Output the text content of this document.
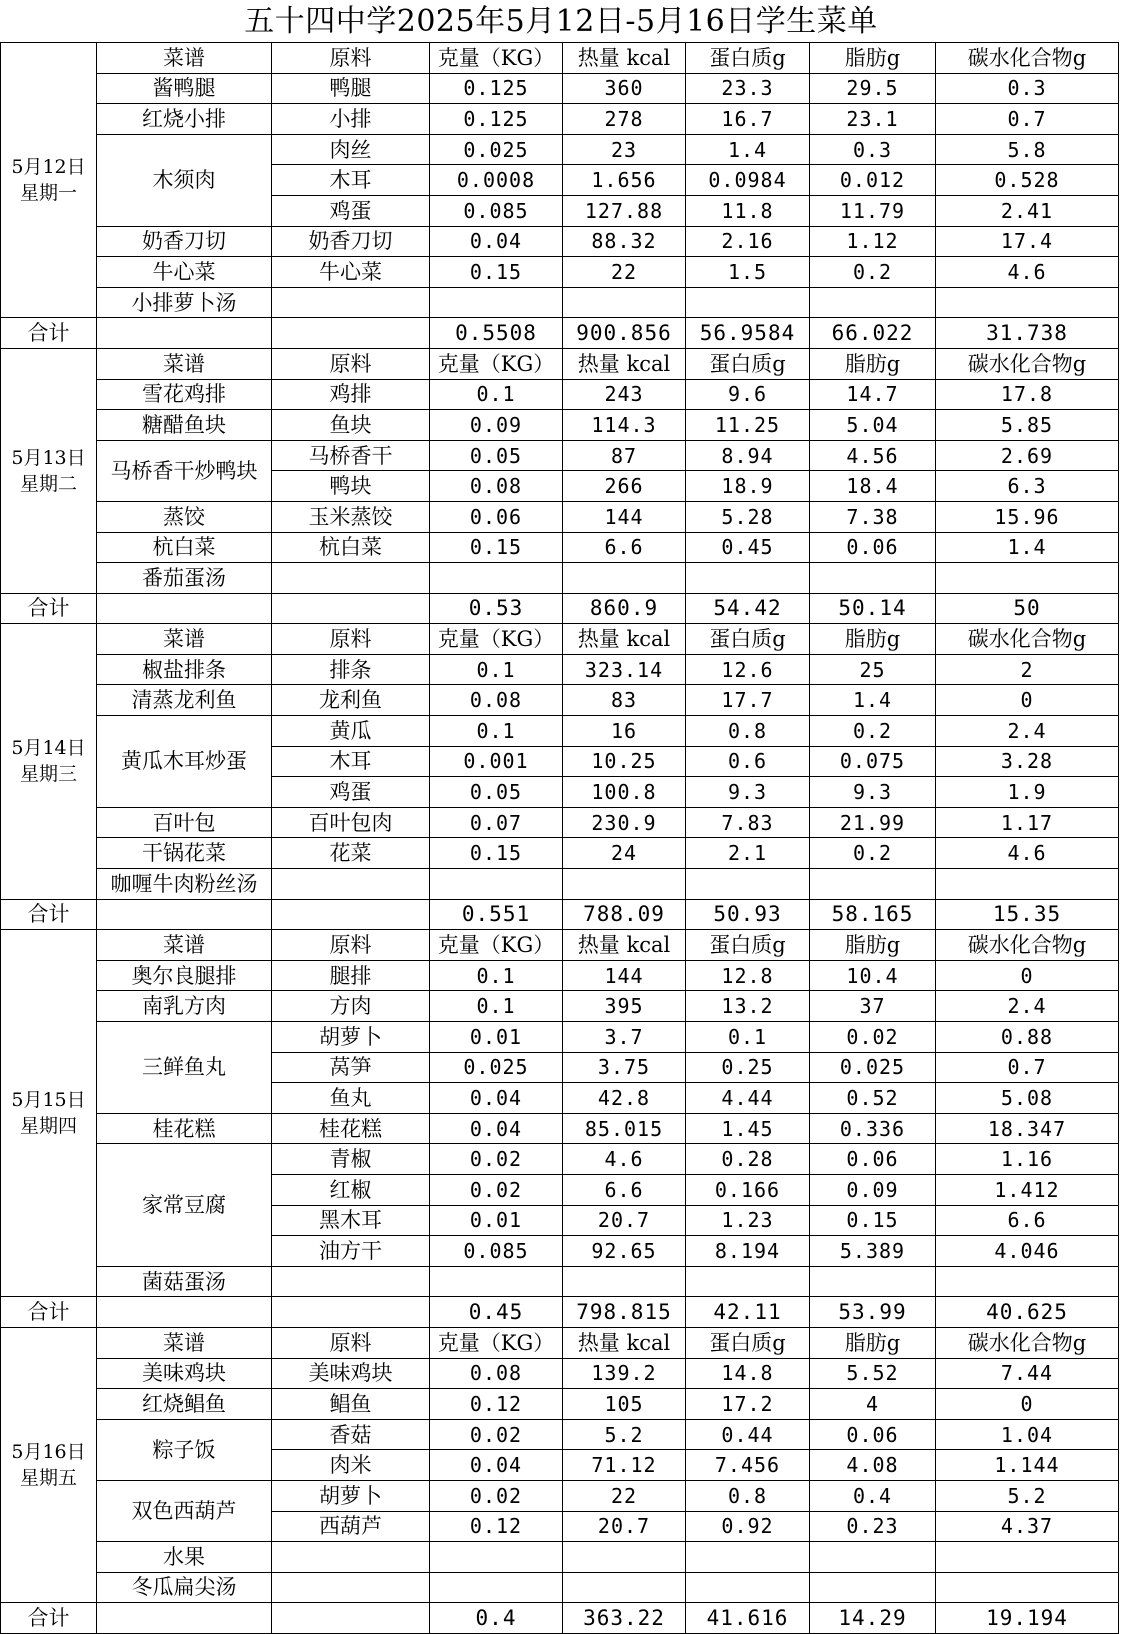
五十四中学2025年5月12日-5月16日学生菜单
5月12日
星期一	菜谱	原料	克量（KG）	热量 kcal	蛋白质g	脂肪g	碳水化合物g
	酱鸭腿	鸭腿	0.125	360	23.3	29.5	0.3
	红烧小排	小排	0.125	278	16.7	23.1	0.7
	木须肉	肉丝	0.025	23	1.4	0.3	5.8
		木耳	0.0008	1.656	0.0984	0.012	0.528
		鸡蛋	0.085	127.88	11.8	11.79	2.41
	奶香刀切	奶香刀切	0.04	88.32	2.16	1.12	17.4
	牛心菜	牛心菜	0.15	22	1.5	0.2	4.6
	小排萝卜汤						
合计			0.5508	900.856	56.9584	66.022	31.738

5月13日
星期二	菜谱	原料	克量（KG）	热量 kcal	蛋白质g	脂肪g	碳水化合物g
	雪花鸡排	鸡排	0.1	243	9.6	14.7	17.8
	糖醋鱼块	鱼块	0.09	114.3	11.25	5.04	5.85
	马桥香干炒鸭块	马桥香干	0.05	87	8.94	4.56	2.69
		鸭块	0.08	266	18.9	18.4	6.3
	蒸饺	玉米蒸饺	0.06	144	5.28	7.38	15.96
	杭白菜	杭白菜	0.15	6.6	0.45	0.06	1.4
	番茄蛋汤						
合计			0.53	860.9	54.42	50.14	50

5月14日
星期三	菜谱	原料	克量（KG）	热量 kcal	蛋白质g	脂肪g	碳水化合物g
	椒盐排条	排条	0.1	323.14	12.6	25	2
	清蒸龙利鱼	龙利鱼	0.08	83	17.7	1.4	0
	黄瓜木耳炒蛋	黄瓜	0.1	16	0.8	0.2	2.4
		木耳	0.001	10.25	0.6	0.075	3.28
		鸡蛋	0.05	100.8	9.3	9.3	1.9
	百叶包	百叶包肉	0.07	230.9	7.83	21.99	1.17
	干锅花菜	花菜	0.15	24	2.1	0.2	4.6
	咖喱牛肉粉丝汤						
合计			0.551	788.09	50.93	58.165	15.35

5月15日
星期四	菜谱	原料	克量（KG）	热量 kcal	蛋白质g	脂肪g	碳水化合物g
	奥尔良腿排	腿排	0.1	144	12.8	10.4	0
	南乳方肉	方肉	0.1	395	13.2	37	2.4
	三鲜鱼丸	胡萝卜	0.01	3.7	0.1	0.02	0.88
		莴笋	0.025	3.75	0.25	0.025	0.7
		鱼丸	0.04	42.8	4.44	0.52	5.08
	桂花糕	桂花糕	0.04	85.015	1.45	0.336	18.347
	家常豆腐	青椒	0.02	4.6	0.28	0.06	1.16
		红椒	0.02	6.6	0.166	0.09	1.412
		黑木耳	0.01	20.7	1.23	0.15	6.6
		油方干	0.085	92.65	8.194	5.389	4.046
	菌菇蛋汤						
合计			0.45	798.815	42.11	53.99	40.625

5月16日
星期五	菜谱	原料	克量（KG）	热量 kcal	蛋白质g	脂肪g	碳水化合物g
	美味鸡块	美味鸡块	0.08	139.2	14.8	5.52	7.44
	红烧鲳鱼	鲳鱼	0.12	105	17.2	4	0
	粽子饭	香菇	0.02	5.2	0.44	0.06	1.04
		肉米	0.04	71.12	7.456	4.08	1.144
	双色西葫芦	胡萝卜	0.02	22	0.8	0.4	5.2
		西葫芦	0.12	20.7	0.92	0.23	4.37
	水果						
	冬瓜扁尖汤						
合计			0.4	363.22	41.616	14.29	19.194
